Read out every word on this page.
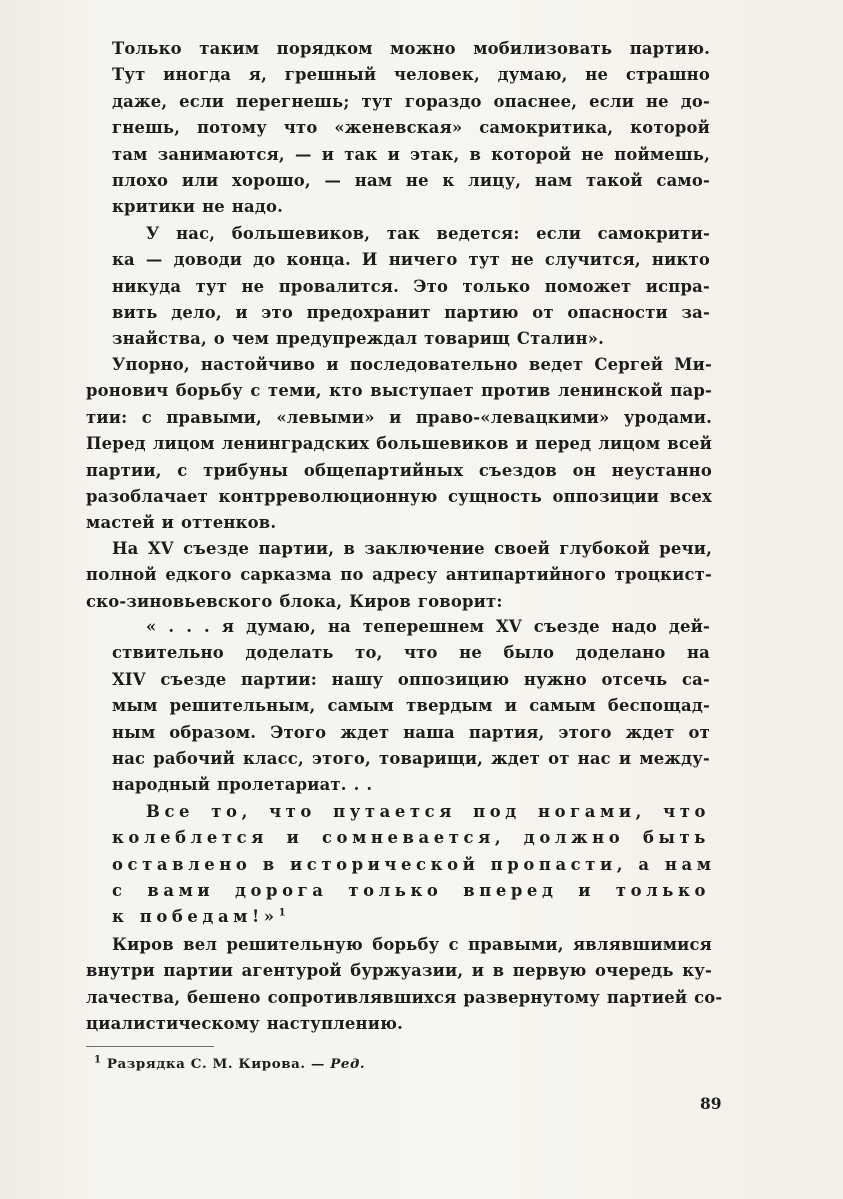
Только таким порядком можно мобилизовать партию.
Тут иногда я, грешный человек, думаю, не страшно
даже, если перегнешь; тут гораздо опаснее, если не до-
гнешь, потому что «женевская» самокритика, которой
там занимаются, — и так и этак, в которой не поймешь,
плохо или хорошо, — нам не к лицу, нам такой само-
критики не надо.
У нас, большевиков, так ведется: если самокрити-
ка — доводи до конца. И ничего тут не случится, никто
никуда тут не провалится. Это только поможет испра-
вить дело, и это предохранит партию от опасности за-
знайства, о чем предупреждал товарищ Сталин».
Упорно, настойчиво и последовательно ведет Сергей Ми-
ронович борьбу с теми, кто выступает против ленинской пар-
тии: с правыми, «левыми» и право-«левацкими» уродами.
Перед лицом ленинградских большевиков и перед лицом всей
партии, с трибуны общепартийных съездов он неустанно
разоблачает контрреволюционную сущность оппозиции всех
мастей и оттенков.
На XV съезде партии, в заключение своей глубокой речи,
полной едкого сарказма по адресу антипартийного троцкист-
ско-зиновьевского блока, Киров говорит:
« . . . я думаю, на теперешнем XV съезде надо дей-
ствительно доделать то, что не было доделано на
XIV съезде партии: нашу оппозицию нужно отсечь са-
мым решительным, самым твердым и самым беспощад-
ным образом. Этого ждет наша партия, этого ждет от
нас рабочий класс, этого, товарищи, ждет от нас и между-
народный пролетариат. . .
Все то, что путается под ногами, что
колеблется и сомневается, должно быть
оставлено в исторической пропасти, а нам
с вами дорога только вперед и только
к победам!»$^1$
Киров вел решительную борьбу с правыми, являвшимися
внутри партии агентурой буржуазии, и в первую очередь ку-
лачества, бешено сопротивлявшихся развернутому партией со-
циалистическому наступлению.
$^1$ Разрядка С. М. Кирова. — Ред.
89
